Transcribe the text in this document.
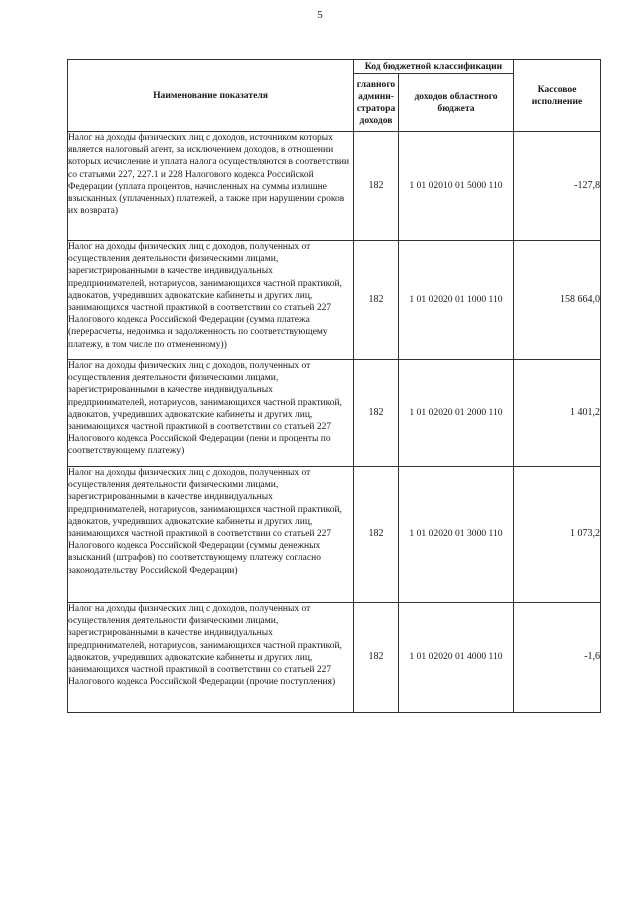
5
Наименование показателя	Код бюджетной классификации		Кассовое исполнение
	главного админи-стратора доходов	доходов областного бюджета	
Налог на доходы физических лиц с доходов, источником которых является налоговый агент, за исключением доходов, в отношении которых исчисление и уплата налога осуществляются в соответствии со статьями 227, 227.1 и 228 Налогового кодекса Российской Федерации (уплата процентов, начисленных на суммы излишне взысканных (уплаченных) платежей, а также при нарушении сроков их возврата)	182	1 01 02010 01 5000 110	-127,8
Налог на доходы физических лиц с доходов, полученных от осуществления деятельности физическими лицами, зарегистрированными в качестве индивидуальных предпринимателей, нотариусов, занимающихся частной практикой, адвокатов, учредивших адвокатские кабинеты и других лиц, занимающихся частной практикой в соответствии со статьей 227 Налогового кодекса Российской Федерации (сумма платежа (перерасчеты, недоимка и задолженность по соответствующему платежу, в том числе по отмененному))	182	1 01 02020 01 1000 110	158 664,0
Налог на доходы физических лиц с доходов, полученных от осуществления деятельности физическими лицами, зарегистрированными в качестве индивидуальных предпринимателей, нотариусов, занимающихся частной практикой, адвокатов, учредивших адвокатские кабинеты и других лиц, занимающихся частной практикой в соответствии со статьей 227 Налогового кодекса Российской Федерации (пени и проценты по соответствующему платежу)	182	1 01 02020 01 2000 110	1 401,2
Налог на доходы физических лиц с доходов, полученных от осуществления деятельности физическими лицами, зарегистрированными в качестве индивидуальных предпринимателей, нотариусов, занимающихся частной практикой, адвокатов, учредивших адвокатские кабинеты и других лиц, занимающихся частной практикой в соответствии со статьей 227 Налогового кодекса Российской Федерации (суммы денежных взысканий (штрафов) по соответствующему платежу согласно законодательству Российской Федерации)	182	1 01 02020 01 3000 110	1 073,2
Налог на доходы физических лиц с доходов, полученных от осуществления деятельности физическими лицами, зарегистрированными в качестве индивидуальных предпринимателей, нотариусов, занимающихся частной практикой, адвокатов, учредивших адвокатские кабинеты и других лиц, занимающихся частной практикой в соответствии со статьей 227 Налогового кодекса Российской Федерации (прочие поступления)	182	1 01 02020 01 4000 110	-1,6
